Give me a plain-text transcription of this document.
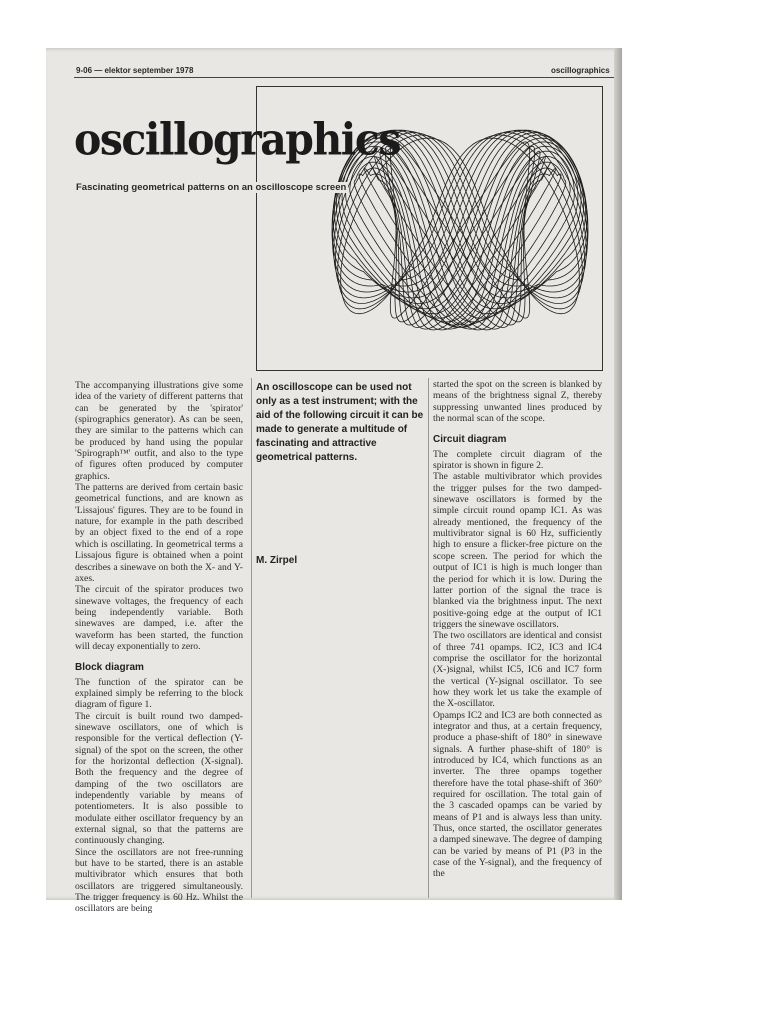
9-06 — elektor september 1978	oscillographics
oscillographics
Fascinating geometrical patterns on an oscilloscope screen

The accompanying illustrations give some idea of the variety of different patterns that can be generated by the 'spirator' (spirographics generator). As can be seen, they are similar to the patterns which can be produced by hand using the popular 'Spirograph™' outfit, and also to the type of figures often produced by computer graphics.

The patterns are derived from certain basic geometrical functions, and are known as 'Lissajous' figures. They are to be found in nature, for example in the path described by an object fixed to the end of a rope which is oscillating. In geometrical terms a Lissajous figure is obtained when a point describes a sinewave on both the X- and Y-axes.

The circuit of the spirator produces two sinewave voltages, the frequency of each being independently variable. Both sinewaves are damped, i.e. after the waveform has been started, the function will decay exponentially to zero.

Block diagram

The function of the spirator can be explained simply be referring to the block diagram of figure 1.

The circuit is built round two damped-sinewave oscillators, one of which is responsible for the vertical deflection (Y-signal) of the spot on the screen, the other for the horizontal deflection (X-signal). Both the frequency and the degree of damping of the two oscillators are independently variable by means of potentiometers. It is also possible to modulate either oscillator frequency by an external signal, so that the patterns are continuously changing.

Since the oscillators are not free-running but have to be started, there is an astable multivibrator which ensures that both oscillators are triggered simultaneously. The trigger frequency is 60 Hz. Whilst the oscillators are being

An oscilloscope can be used not only as a test instrument; with the aid of the following circuit it can be made to generate a multitude of fascinating and attractive geometrical patterns.
M. Zirpel

started the spot on the screen is blanked by means of the brightness signal Z, thereby suppressing unwanted lines produced by the normal scan of the scope.

Circuit diagram

The complete circuit diagram of the spirator is shown in figure 2.

The astable multivibrator which provides the trigger pulses for the two damped-sinewave oscillators is formed by the simple circuit round opamp IC1. As was already mentioned, the frequency of the multivibrator signal is 60 Hz, sufficiently high to ensure a flicker-free picture on the scope screen. The period for which the output of IC1 is high is much longer than the period for which it is low. During the latter portion of the signal the trace is blanked via the brightness input. The next positive-going edge at the output of IC1 triggers the sinewave oscillators.

The two oscillators are identical and consist of three 741 opamps. IC2, IC3 and IC4 comprise the oscillator for the horizontal (X-)signal, whilst IC5, IC6 and IC7 form the vertical (Y-)signal oscillator. To see how they work let us take the example of the X-oscillator.

Opamps IC2 and IC3 are both connected as integrator and thus, at a certain frequency, produce a phase-shift of 180° in sinewave signals. A further phase-shift of 180° is introduced by IC4, which functions as an inverter. The three opamps together therefore have the total phase-shift of 360° required for oscillation. The total gain of the 3 cascaded opamps can be varied by means of P1 and is always less than unity. Thus, once started, the oscillator generates a damped sinewave. The degree of damping can be varied by means of P1 (P3 in the case of the Y-signal), and the frequency of the
